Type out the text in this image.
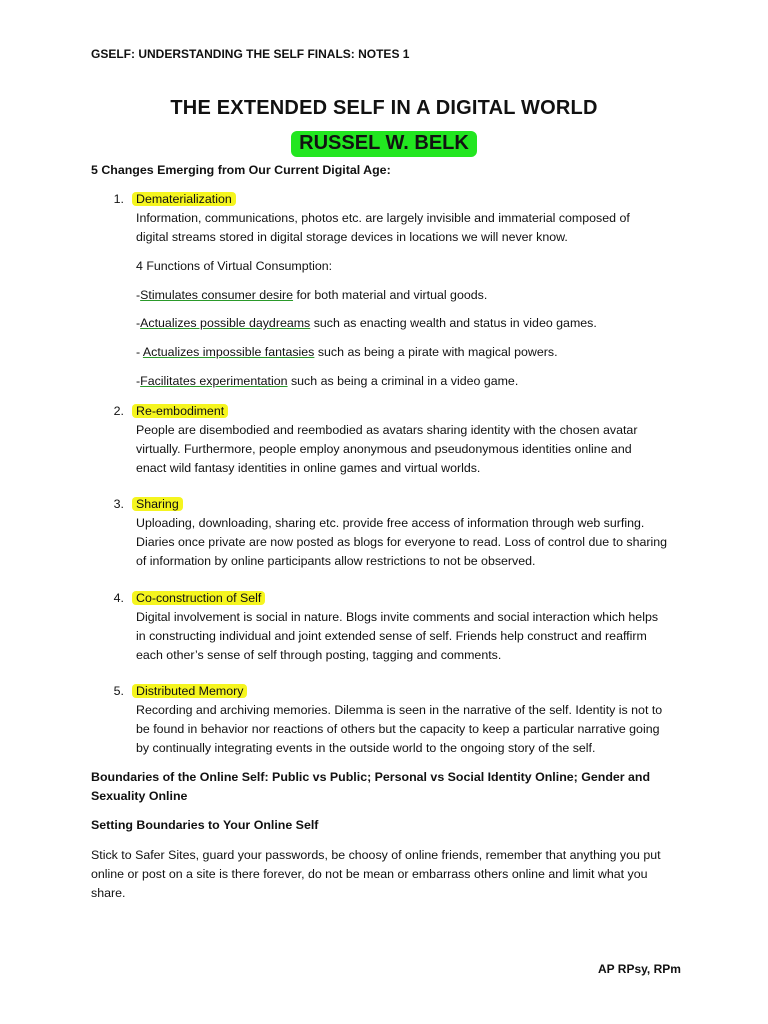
GSELF: UNDERSTANDING THE SELF FINALS: NOTES 1
THE EXTENDED SELF IN A DIGITAL WORLD
RUSSEL W. BELK
5 Changes Emerging from Our Current Digital Age:
1. Dematerialization
Information, communications, photos etc. are largely invisible and immaterial composed of
digital streams stored in digital storage devices in locations we will never know.
4 Functions of Virtual Consumption:
-Stimulates consumer desire for both material and virtual goods.
-Actualizes possible daydreams such as enacting wealth and status in video games.
- Actualizes impossible fantasies such as being a pirate with magical powers.
-Facilitates experimentation such as being a criminal in a video game.
2. Re-embodiment
People are disembodied and reembodied as avatars sharing identity with the chosen avatar
virtually. Furthermore, people employ anonymous and pseudonymous identities online and
enact wild fantasy identities in online games and virtual worlds.
3. Sharing
Uploading, downloading, sharing etc. provide free access of information through web surfing.
Diaries once private are now posted as blogs for everyone to read. Loss of control due to sharing
of information by online participants allow restrictions to not be observed.
4. Co-construction of Self
Digital involvement is social in nature. Blogs invite comments and social interaction which helps
in constructing individual and joint extended sense of self. Friends help construct and reaffirm
each other’s sense of self through posting, tagging and comments.
5. Distributed Memory
Recording and archiving memories. Dilemma is seen in the narrative of the self. Identity is not to
be found in behavior nor reactions of others but the capacity to keep a particular narrative going
by continually integrating events in the outside world to the ongoing story of the self.
Boundaries of the Online Self: Public vs Public; Personal vs Social Identity Online; Gender and
Sexuality Online
Setting Boundaries to Your Online Self
Stick to Safer Sites, guard your passwords, be choosy of online friends, remember that anything you put
online or post on a site is there forever, do not be mean or embarrass others online and limit what you
share.
AP RPsy, RPm
